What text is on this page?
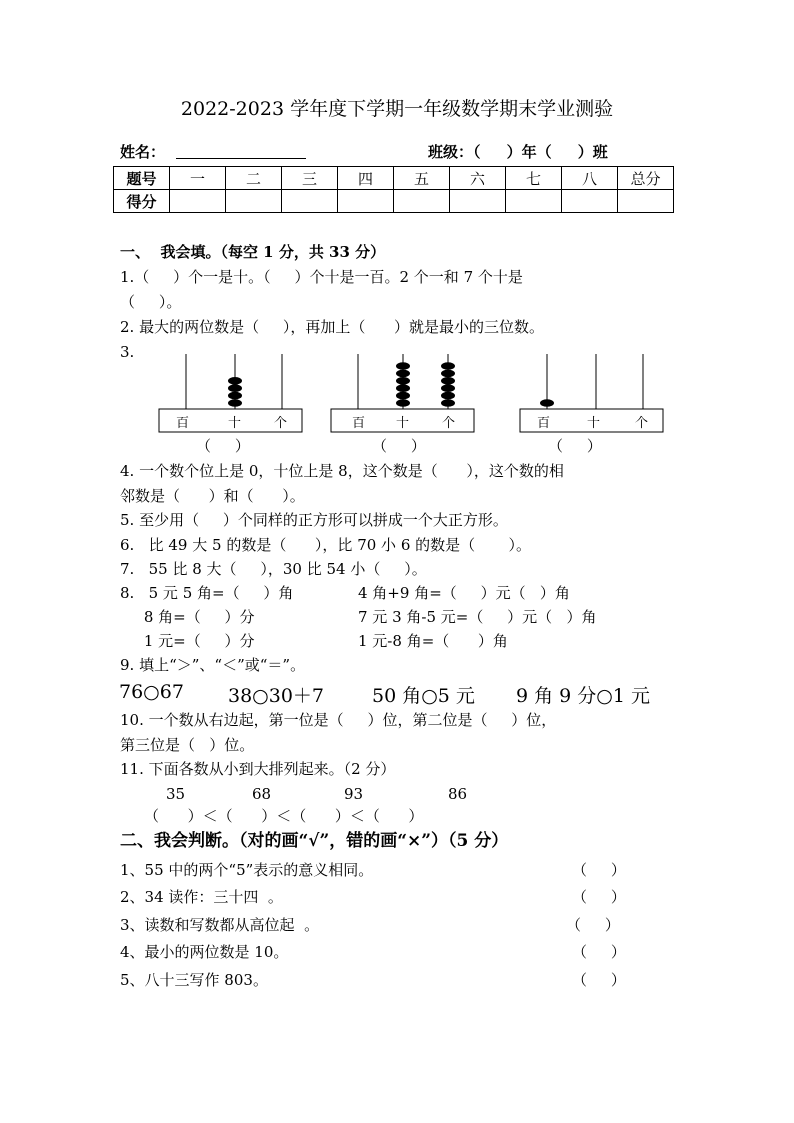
2022-2023 学年度下学期一年级数学期末学业测验
姓名：	班级：（     ）年（     ）班
题号	一	二	三	四	五	六	七	八	总分
得分									
一、  我会填。（每空 1 分，共 33 分）
1.（     ）个一是十。（     ）个十是一百。2 个一和 7 个十是
（     ）。
2. 最大的两位数是（     ），再加上（      ）就是最小的三位数。
3.
百	十	个
（     ）
百 十	个
（     ）
百	十	个
（     ）
4. 一个数个位上是 0，十位上是 8，这个数是（      ），这个数的相
邻数是（      ）和（      ）。
5. 至少用（     ）个同样的正方形可以拼成一个大正方形。
6.   比 49 大 5 的数是（      ），比 70 小 6 的数是（       ）。
7.   55 比 8 大（     ），30 比 54 小（     ）。
8.   5 元 5 角=（     ）角	4 角+9 角=（     ）元（   ）角
8 角=（     ）分	7 元 3 角-5 元=（     ）元（   ）角
1 元=（     ）分	1 元-8 角=（      ）角
9. 填上“＞”、“＜”或“＝”。
76○67 38○30＋7	50 角○5 元 9 角 9 分○1 元
10. 一个数从右边起，第一位是（     ）位，第二位是（     ）位，
第三位是（   ）位。
11. 下面各数从小到大排列起来。（2 分）
35	68	93	86
（      ）＜（      ）＜（      ）＜（      ）
二、我会判断。（对的画“√”，错的画“×”）（5 分）
1、55 中的两个“5”表示的意义相同。	（     ）
2、34 读作：三十四  。	（     ）
3、读数和写数都从高位起  。	（     ）
4、最小的两位数是 10。	（     ）
5、八十三写作 803。	（     ）
